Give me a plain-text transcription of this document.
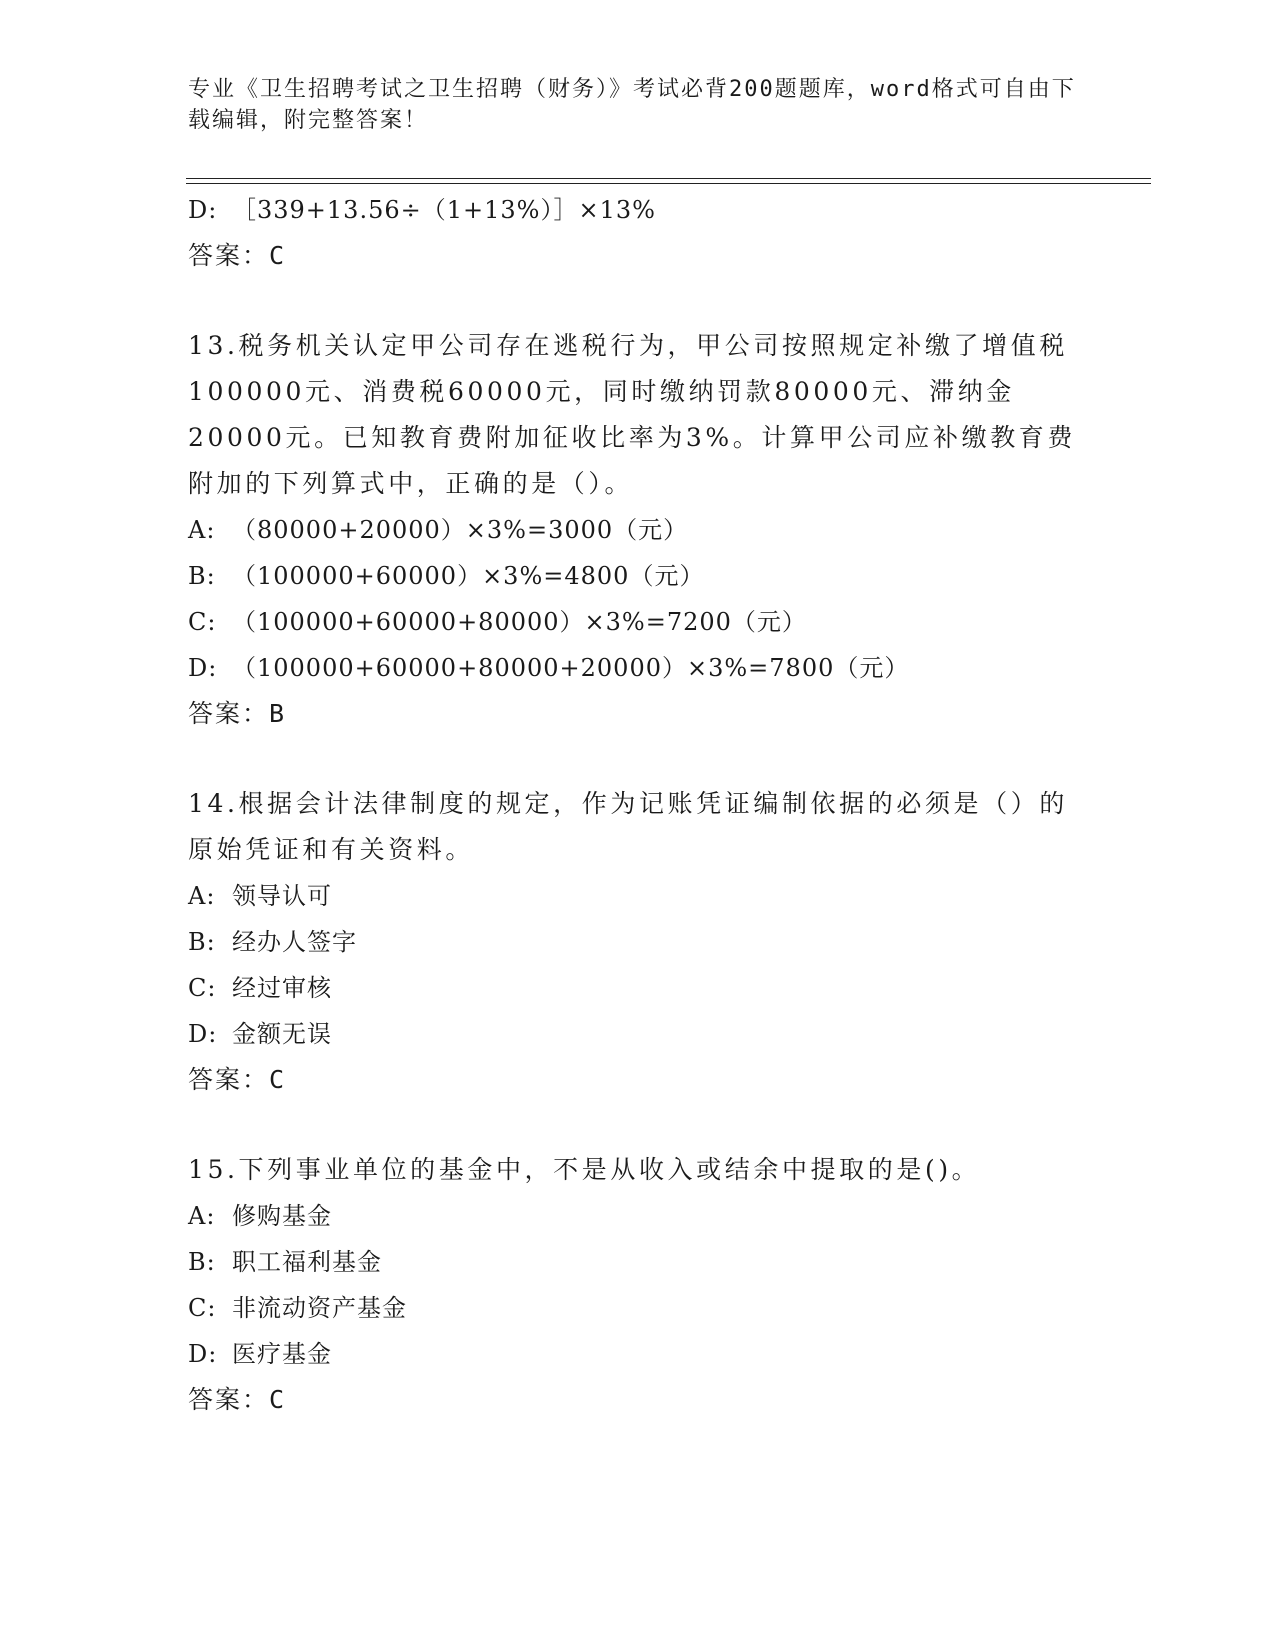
专业《卫生招聘考试之卫生招聘（财务）》考试必背200题题库，word格式可自由下载编辑，附完整答案！
D: ［339+13.56÷（1+13%）］×13%
答案：C
13.税务机关认定甲公司存在逃税行为，甲公司按照规定补缴了增值税100000元、消费税60000元，同时缴纳罚款80000元、滞纳金20000元。已知教育费附加征收比率为3%。计算甲公司应补缴教育费附加的下列算式中，正确的是（）。
A: （80000+20000）×3%=3000（元）
B: （100000+60000）×3%=4800（元）
C: （100000+60000+80000）×3%=7200（元）
D: （100000+60000+80000+20000）×3%=7800（元）
答案：B
14.根据会计法律制度的规定，作为记账凭证编制依据的必须是（）的原始凭证和有关资料。
A: 领导认可
B: 经办人签字
C: 经过审核
D: 金额无误
答案：C
15.下列事业单位的基金中，不是从收入或结余中提取的是()。
A: 修购基金
B: 职工福利基金
C: 非流动资产基金
D: 医疗基金
答案：C
